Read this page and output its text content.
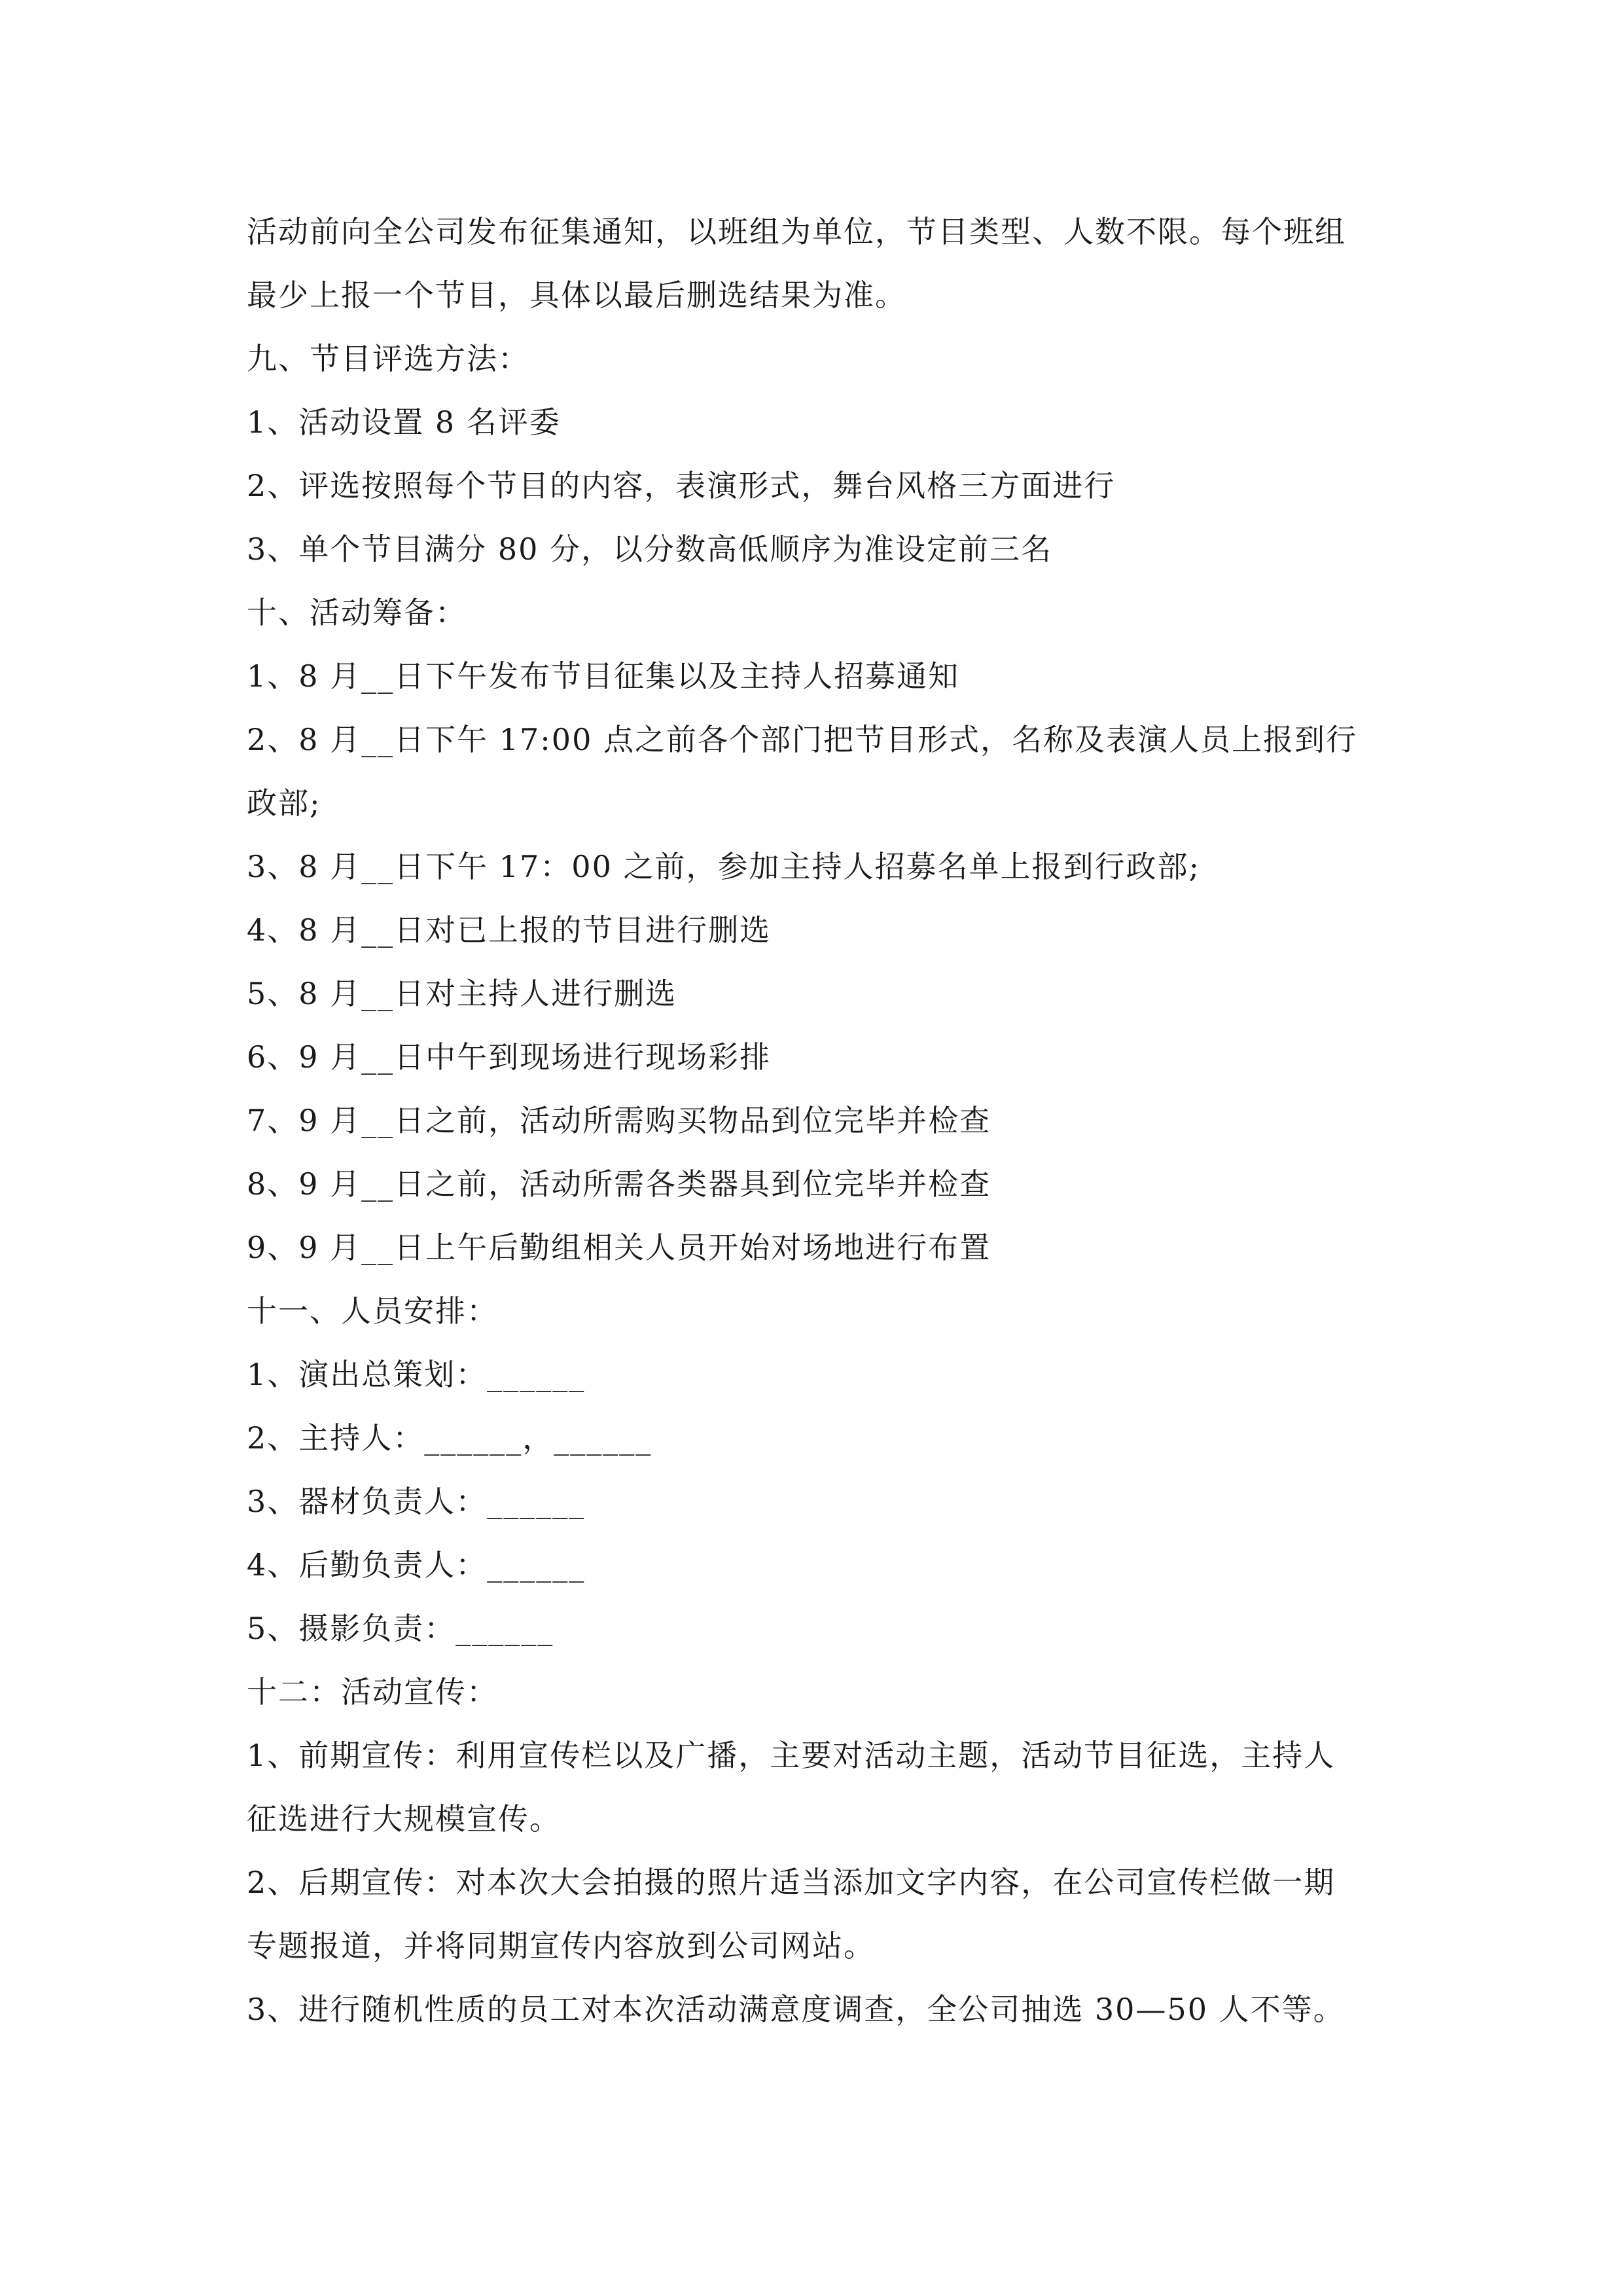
活动前向全公司发布征集通知，以班组为单位，节目类型、人数不限。每个班组

最少上报一个节目，具体以最后删选结果为准。

九、节目评选方法：

1、活动设置 8 名评委

2、评选按照每个节目的内容，表演形式，舞台风格三方面进行

3、单个节目满分 80 分，以分数高低顺序为准设定前三名

十、活动筹备：

1、8 月__日下午发布节目征集以及主持人招募通知

2、8 月__日下午 17:00 点之前各个部门把节目形式，名称及表演人员上报到行

政部;

3、8 月__日下午 17：00 之前，参加主持人招募名单上报到行政部;

4、8 月__日对已上报的节目进行删选

5、8 月__日对主持人进行删选

6、9 月__日中午到现场进行现场彩排

7、9 月__日之前，活动所需购买物品到位完毕并检查

8、9 月__日之前，活动所需各类器具到位完毕并检查

9、9 月__日上午后勤组相关人员开始对场地进行布置

十一、人员安排：

1、演出总策划：______

2、主持人：______，______

3、器材负责人：______

4、后勤负责人：______

5、摄影负责：______

十二：活动宣传：

1、前期宣传：利用宣传栏以及广播，主要对活动主题，活动节目征选，主持人

征选进行大规模宣传。

2、后期宣传：对本次大会拍摄的照片适当添加文字内容，在公司宣传栏做一期

专题报道，并将同期宣传内容放到公司网站。

3、进行随机性质的员工对本次活动满意度调查，全公司抽选 30—50 人不等。
